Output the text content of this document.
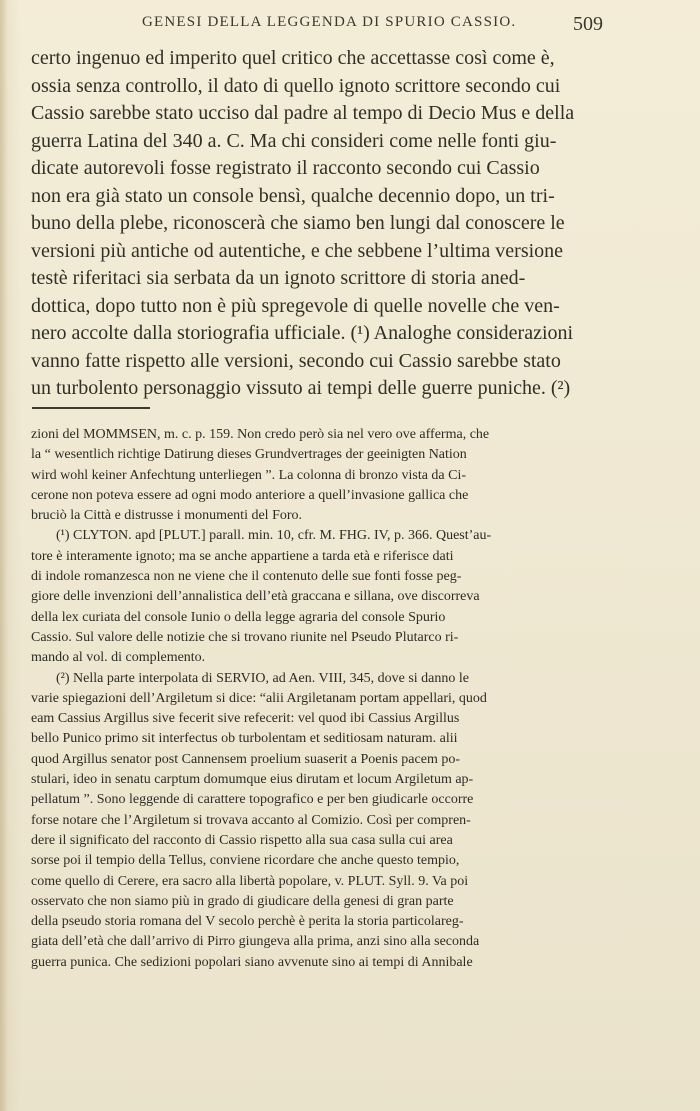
GENESI DELLA LEGGENDA DI SPURIO CASSIO.	509
certo ingenuo ed imperito quel critico che accettasse così come è,
ossia senza controllo, il dato di quello ignoto scrittore secondo cui
Cassio sarebbe stato ucciso dal padre al tempo di Decio Mus e della
guerra Latina del 340 a. C. Ma chi consideri come nelle fonti giu-
dicate autorevoli fosse registrato il racconto secondo cui Cassio
non era già stato un console bensì, qualche decennio dopo, un tri-
buno della plebe, riconoscerà che siamo ben lungi dal conoscere le
versioni più antiche od autentiche, e che sebbene l’ultima versione
testè riferitaci sia serbata da un ignoto scrittore di storia aned-
dottica, dopo tutto non è più spregevole di quelle novelle che ven-
nero accolte dalla storiografia ufficiale. (¹) Analoghe considerazioni
vanno fatte rispetto alle versioni, secondo cui Cassio sarebbe stato
un turbolento personaggio vissuto ai tempi delle guerre puniche. (²)
zioni del MOMMSEN, m. c. p. 159. Non credo però sia nel vero ove afferma, che
la “ wesentlich richtige Datirung dieses Grundvertrages der geeinigten Nation
wird wohl keiner Anfechtung unterliegen ”. La colonna di bronzo vista da Ci-
cerone non poteva essere ad ogni modo anteriore a quell’invasione gallica che
bruciò la Città e distrusse i monumenti del Foro.
(¹) CLYTON. apd [PLUT.] parall. min. 10, cfr. M. FHG. IV, p. 366. Quest’au-
tore è interamente ignoto; ma se anche appartiene a tarda età e riferisce dati
di indole romanzesca non ne viene che il contenuto delle sue fonti fosse peg-
giore delle invenzioni dell’annalistica dell’età graccana e sillana, ove discorreva
della lex curiata del console Iunio o della legge agraria del console Spurio
Cassio. Sul valore delle notizie che si trovano riunite nel Pseudo Plutarco ri-
mando al vol. di complemento.
(²) Nella parte interpolata di SERVIO, ad Aen. VIII, 345, dove si danno le
varie spiegazioni dell’Argiletum si dice: “alii Argiletanam portam appellari, quod
eam Cassius Argillus sive fecerit sive refecerit: vel quod ibi Cassius Argillus
bello Punico primo sit interfectus ob turbolentam et seditiosam naturam. alii
quod Argillus senator post Cannensem proelium suaserit a Poenis pacem po-
stulari, ideo in senatu carptum domumque eius dirutam et locum Argiletum ap-
pellatum ”. Sono leggende di carattere topografico e per ben giudicarle occorre
forse notare che l’Argiletum si trovava accanto al Comizio. Così per compren-
dere il significato del racconto di Cassio rispetto alla sua casa sulla cui area
sorse poi il tempio della Tellus, conviene ricordare che anche questo tempio,
come quello di Cerere, era sacro alla libertà popolare, v. PLUT. Syll. 9. Va poi
osservato che non siamo più in grado di giudicare della genesi di gran parte
della pseudo storia romana del V secolo perchè è perita la storia particolareg-
giata dell’età che dall’arrivo di Pirro giungeva alla prima, anzi sino alla seconda
guerra punica. Che sedizioni popolari siano avvenute sino ai tempi di Annibale
